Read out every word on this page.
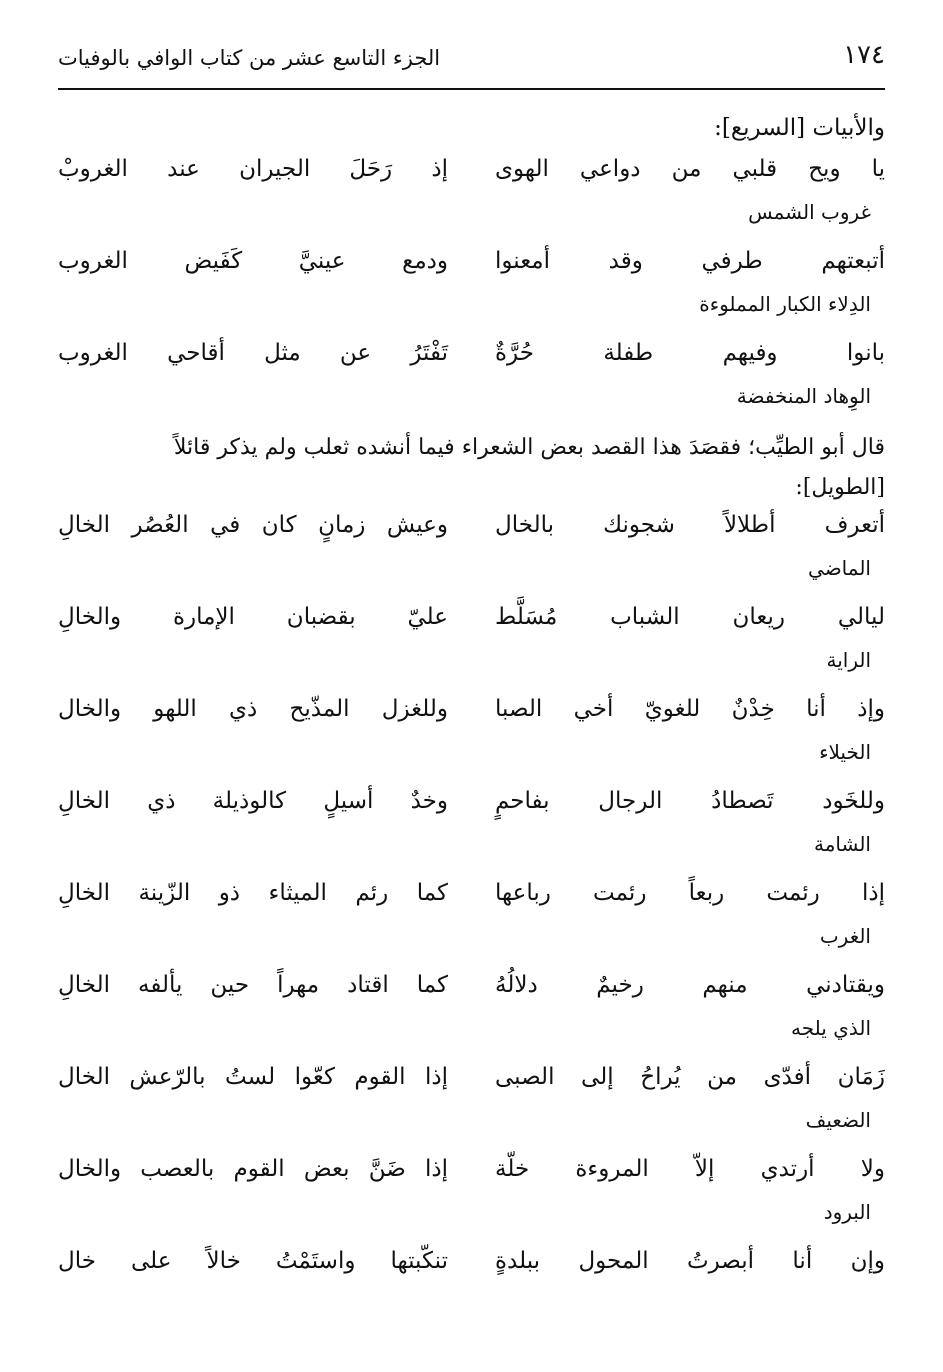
١٧٤
الجزء التاسع عشر من كتاب الوافي بالوفيات
والأبيات [السريع]:
يا ويح قلبي من دواعي الهوى
إذ رَحَلَ الجيران عند الغروبْ
غروب الشمس
أتبعتهم طرفي وقد أمعنوا
ودمع عينيَّ كَفَيض الغروب
الدِلاء الكبار المملوءة
بانوا وفيهم طفلة حُرَّةٌ
تَفْتَرُ عن مثل أقاحي الغروب
الوِهاد المنخفضة

قال أبو الطيِّب؛ فقصَدَ هذا القصد بعض الشعراء فيما أنشده ثعلب ولم يذكر قائلاً

[الطويل]:

أتعرف أطلالاً شجونك بالخال
وعيش زمانٍ كان في العُصُر الخالِ
الماضي
ليالي ريعان الشباب مُسَلَّط
عليّ بقضبان الإمارة والخالِ
الراية
وإذ أنا خِدْنٌ للغويّ أخي الصبا
وللغزل المذّيح ذي اللهو والخال
الخيلاء
وللخَود تَصطادُ الرجال بفاحمٍ
وخدٌ أسيلٍ كالوذيلة ذي الخالِ
الشامة
إذا رئمت ربعاً رئمت رباعها
كما رئم الميثاء ذو الزّينة الخالِ
الغرب
ويقتادني منهم رخيمٌ دلالُهُ
كما اقتاد مهراً حين يألفه الخالِ
الذي يلجه
زَمَان أفدّى من يُراحُ إلى الصبى
إذا القوم كعّوا لستُ بالرّعش الخال
الضعيف
ولا أرتدي إلاّ المروءة خلّة
إذا ضَنَّ بعض القوم بالعصب والخال
البرود
وإن أنا أبصرتُ المحول ببلدةٍ
تنكّبتها واستَمْتُ خالاً على خال
